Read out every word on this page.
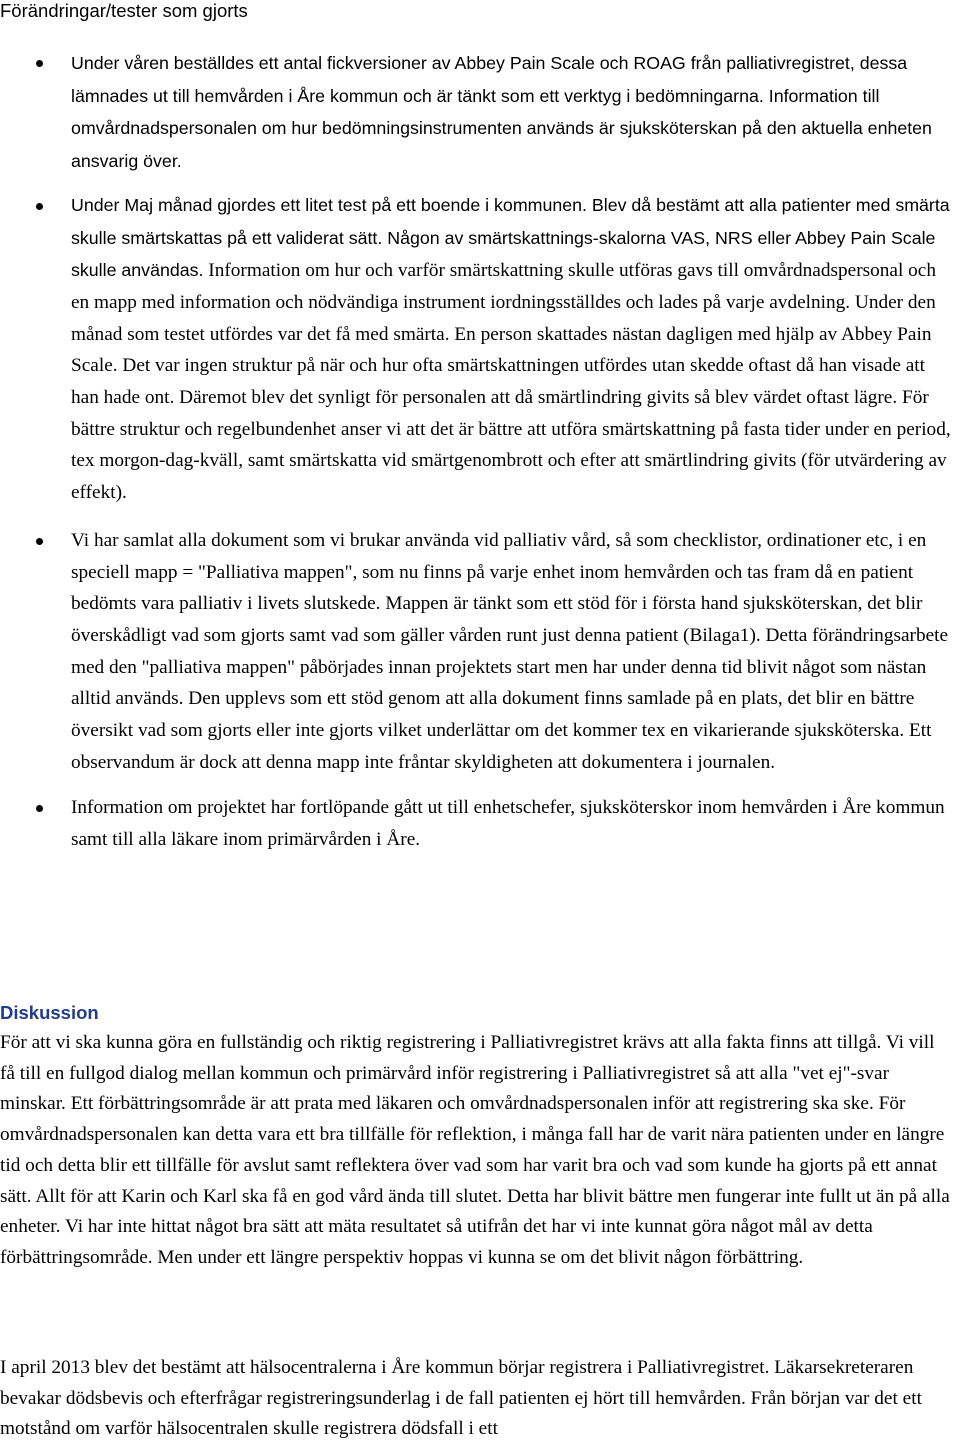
Förändringar/tester som gjorts

Under våren beställdes ett antal fickversioner av Abbey Pain Scale och ROAG från palliativregistret, dessa lämnades ut till hemvården i Åre kommun och är tänkt som ett verktyg i bedömningarna. Information till omvårdnadspersonalen om hur bedömningsinstrumenten används är sjuksköterskan på den aktuella enheten ansvarig över.

Under Maj månad gjordes ett litet test på ett boende i kommunen. Blev då bestämt att alla patienter med smärta skulle smärtskattas på ett validerat sätt. Någon av smärtskattnings-skalorna VAS, NRS eller Abbey Pain Scale skulle användas. Information om hur och varför smärtskattning skulle utföras gavs till omvårdnadspersonal och en mapp med information och nödvändiga instrument iordningsställdes och lades på varje avdelning. Under den månad som testet utfördes var det få med smärta. En person skattades nästan dagligen med hjälp av Abbey Pain Scale. Det var ingen struktur på när och hur ofta smärtskattningen utfördes utan skedde oftast då han visade att han hade ont. Däremot blev det synligt för personalen att då smärtlindring givits så blev värdet oftast lägre. För bättre struktur och regelbundenhet anser vi att det är bättre att utföra smärtskattning på fasta tider under en period, tex morgon-dag-kväll, samt smärtskatta vid smärtgenombrott och efter att smärtlindring givits (för utvärdering av effekt).

Vi har samlat alla dokument som vi brukar använda vid palliativ vård, så som checklistor, ordinationer etc, i en speciell mapp = "Palliativa mappen", som nu finns på varje enhet inom hemvården och tas fram då en patient bedömts vara palliativ i livets slutskede. Mappen är tänkt som ett stöd för i första hand sjuksköterskan, det blir överskådligt vad som gjorts samt vad som gäller vården runt just denna patient (Bilaga1). Detta förändringsarbete med den "palliativa mappen" påbörjades innan projektets start men har under denna tid blivit något som nästan alltid används. Den upplevs som ett stöd genom att alla dokument finns samlade på en plats, det blir en bättre översikt vad som gjorts eller inte gjorts vilket underlättar om det kommer tex en vikarierande sjuksköterska. Ett observandum är dock att denna mapp inte fråntar skyldigheten att dokumentera i journalen.

Information om projektet har fortlöpande gått ut till enhetschefer, sjuksköterskor inom hemvården i Åre kommun samt till alla läkare inom primärvården i Åre.

Diskussion

För att vi ska kunna göra en fullständig och riktig registrering i Palliativregistret krävs att alla fakta finns att tillgå. Vi vill få till en fullgod dialog mellan kommun och primärvård inför registrering i Palliativregistret så att alla "vet ej"-svar minskar. Ett förbättringsområde är att prata med läkaren och omvårdnadspersonalen inför att registrering ska ske. För omvårdnadspersonalen kan detta vara ett bra tillfälle för reflektion, i många fall har de varit nära patienten under en längre tid och detta blir ett tillfälle för avslut samt reflektera över vad som har varit bra och vad som kunde ha gjorts på ett annat sätt. Allt för att Karin och Karl ska få en god vård ända till slutet. Detta har blivit bättre men fungerar inte fullt ut än på alla enheter. Vi har inte hittat något bra sätt att mäta resultatet så utifrån det har vi inte kunnat göra något mål av detta förbättringsområde. Men under ett längre perspektiv hoppas vi kunna se om det blivit någon förbättring.

I april 2013 blev det bestämt att hälsocentralerna i Åre kommun börjar registrera i Palliativregistret. Läkarsekreteraren bevakar dödsbevis och efterfrågar registreringsunderlag i de fall patienten ej hört till hemvården. Från början var det ett motstånd om varför hälsocentralen skulle registrera dödsfall i ett
